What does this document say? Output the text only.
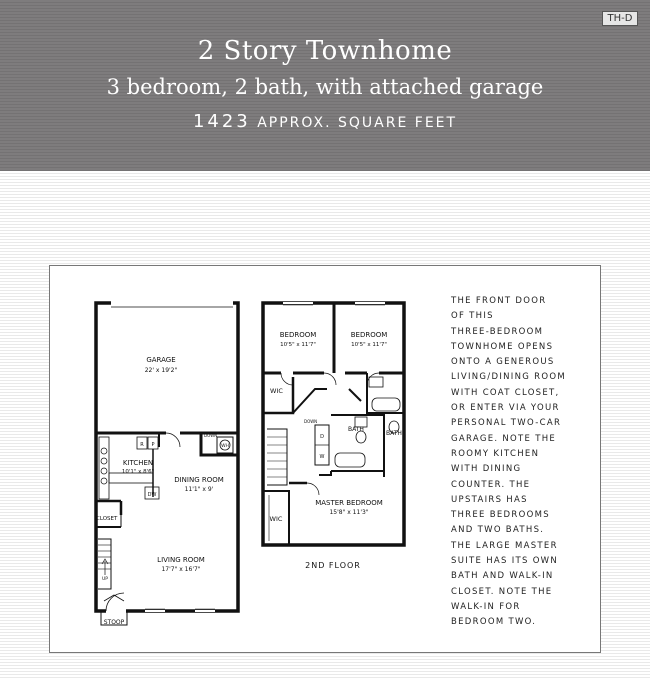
TH-D
2 Story Townhome
3 bedroom, 2 bath, with attached garage
1423 APPROX. SQUARE FEET
GARAGE
22' x 19'2"
KITCHEN
10'1" x 8'6"
DINING ROOM
11'1" x 9'
LIVING ROOM
17'7" x 16'7"
CLOSET
STOOP
UP
DOWN
WH
R P
DW
BEDROOM
10'5" x 11'7"
BEDROOM
10'5" x 11'7"
WIC
BATH
BATH
DOWN
D
W
MASTER BEDROOM
15'8" x 11'3"
WIC
2ND FLOOR
THE FRONT DOOR
OF THIS
THREE-BEDROOM
TOWNHOME OPENS
ONTO A GENEROUS
LIVING/DINING ROOM
WITH COAT CLOSET,
OR ENTER VIA YOUR
PERSONAL TWO-CAR
GARAGE. NOTE THE
ROOMY KITCHEN
WITH DINING
COUNTER. THE
UPSTAIRS HAS
THREE BEDROOMS
AND TWO BATHS.
THE LARGE MASTER
SUITE HAS ITS OWN
BATH AND WALK-IN
CLOSET. NOTE THE
WALK-IN FOR
BEDROOM TWO.
